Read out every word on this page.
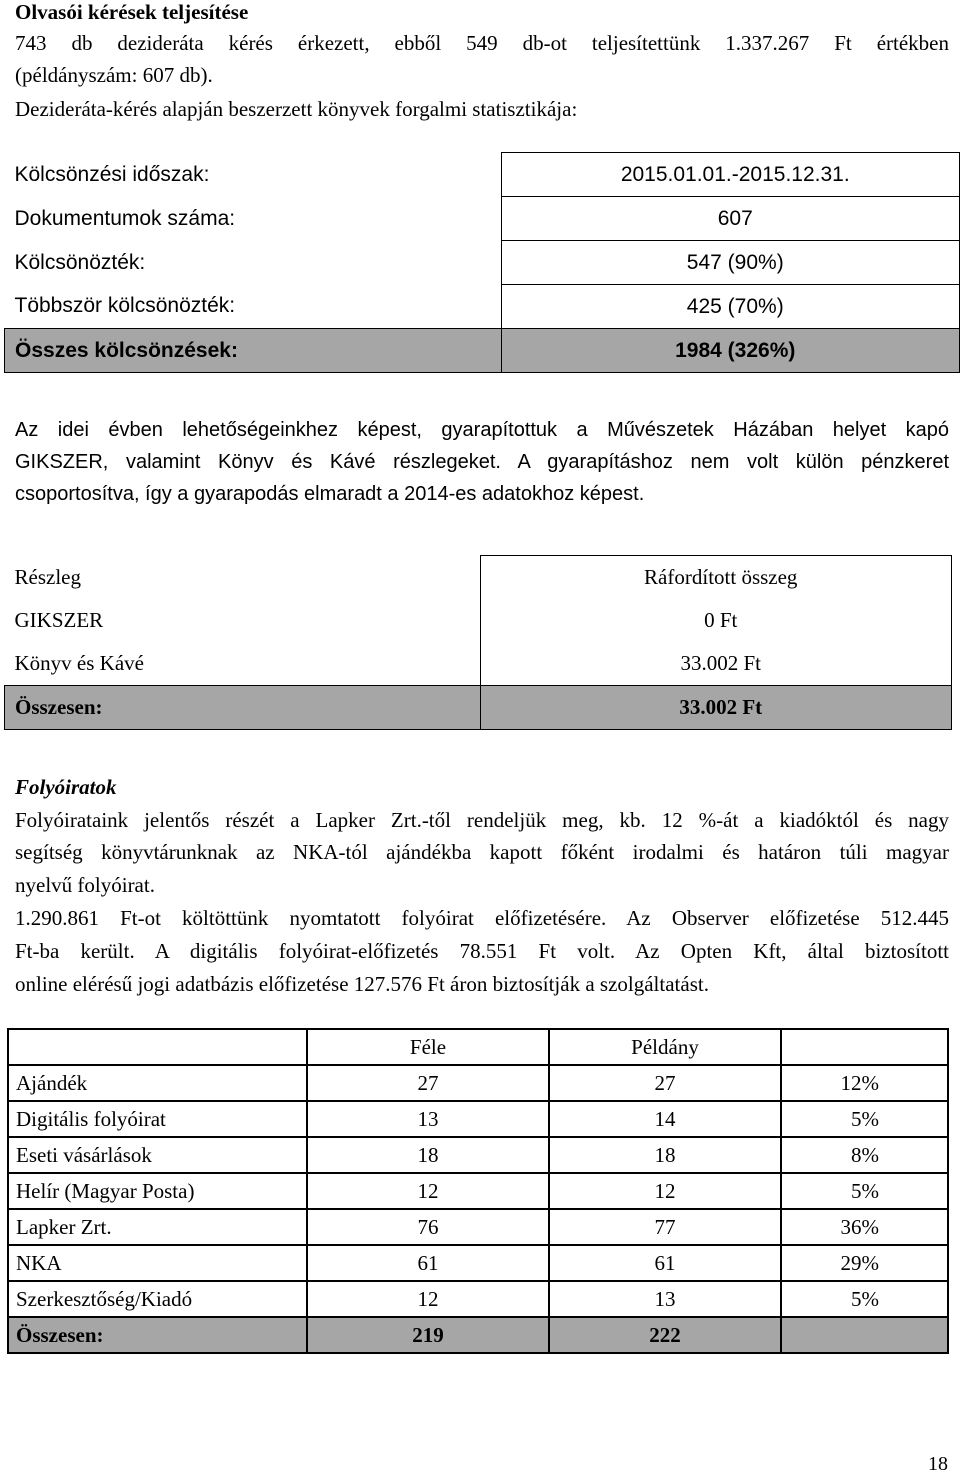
Olvasói kérések teljesítése
743 db dezideráta kérés érkezett, ebből 549 db-ot teljesítettünk 1.337.267 Ft értékben
(példányszám: 607 db).
Dezideráta-kérés alapján beszerzett könyvek forgalmi statisztikája:
Kölcsönzési időszak:	2015.01.01.-2015.12.31.
Dokumentumok száma:	607
Kölcsönözték:	547 (90%)
Többször kölcsönözték:	425 (70%)
Összes kölcsönzések:	1984 (326%)
Az idei évben lehetőségeinkhez képest, gyarapítottuk a Művészetek Házában helyet kapó
GIKSZER, valamint Könyv és Kávé részlegeket. A gyarapításhoz nem volt külön pénzkeret
csoportosítva, így a gyarapodás elmaradt a 2014-es adatokhoz képest.
Részleg	Ráfordított összeg
GIKSZER	0 Ft
Könyv és Kávé	33.002 Ft
Összesen:	33.002 Ft
Folyóiratok
Folyóirataink jelentős részét a Lapker Zrt.-től rendeljük meg, kb. 12 %-át a kiadóktól és nagy
segítség könyvtárunknak az NKA-tól ajándékba kapott főként irodalmi és határon túli magyar
nyelvű folyóirat.
1.290.861 Ft-ot költöttünk nyomtatott folyóirat előfizetésére. Az Observer előfizetése 512.445
Ft-ba került. A digitális folyóirat-előfizetés 78.551 Ft volt. Az Opten Kft, által biztosított
online elérésű jogi adatbázis előfizetése 127.576 Ft áron biztosítják a szolgáltatást.
	Féle	Példány	
Ajándék	27	27	12%
Digitális folyóirat	13	14	5%
Eseti vásárlások	18	18	8%
Helír (Magyar Posta)	12	12	5%
Lapker Zrt.	76	77	36%
NKA	61	61	29%
Szerkesztőség/Kiadó	12	13	5%
Összesen:	219	222	
18
